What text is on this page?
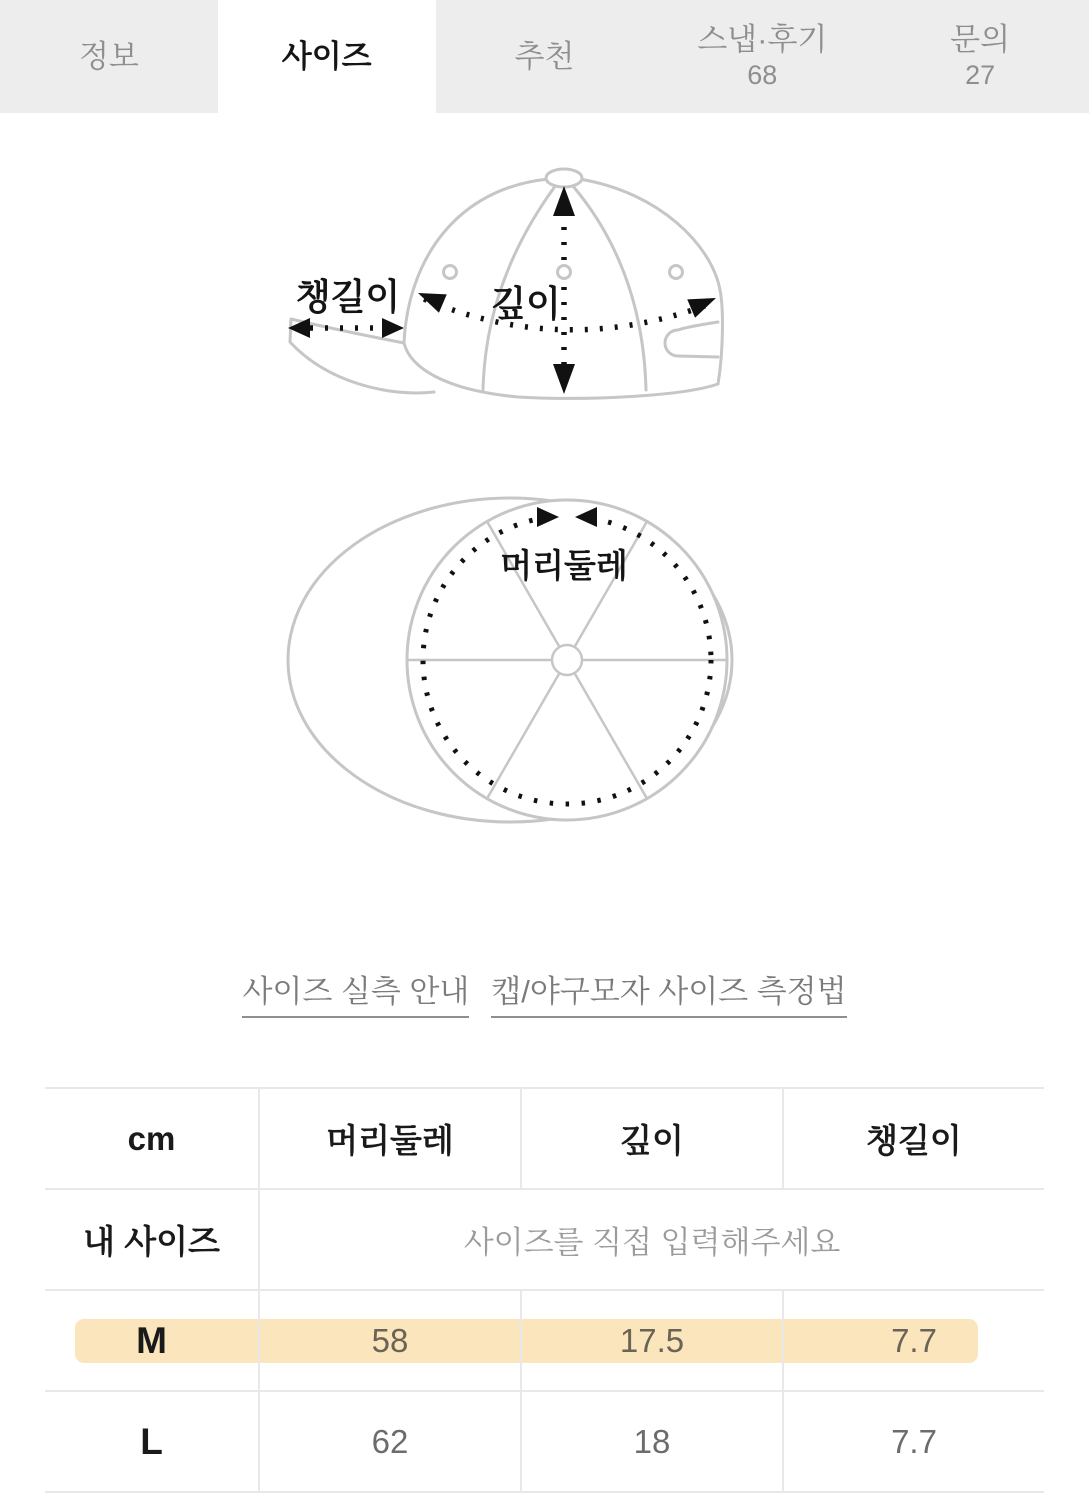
정보	사이즈	추천	스냅·후기
68
문의
27
챙길이	깊이
머리둘레
사이즈 실측 안내 캡/야구모자 사이즈 측정법
cm	머리둘레	깊이	챙길이
내 사이즈	사이즈를 직접 입력해주세요
M	58	17.5	7.7
L	62	18	7.7
